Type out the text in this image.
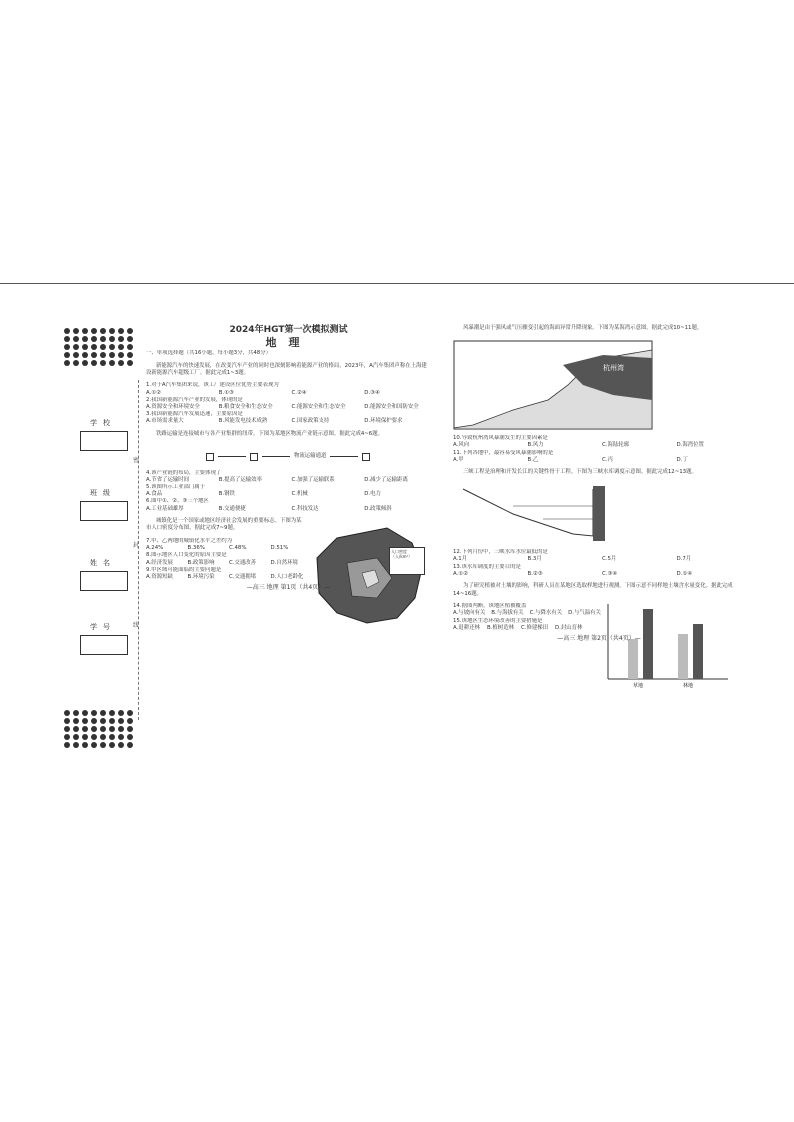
学校
班级
姓名
学号
密
封
线
2024年HGT第一次模拟测试
地理

一、单项选择题（共16小题，每小题3分，共48分）

新能源汽车的快速发展，在改变汽车产业的同时也深刻影响着能源产业的格局，2023年，A汽车集团声称在上海建设新能源汽车超级工厂。据此完成1~3题。

1.对于A汽车集团来说，该工厂建设区位优势主要表现为

A.①②	B.①③	C.②④	D.③④

2.我国新能源汽车产业的发展，体现的是

A.资源安全和环境安全	B.粮食安全和生态安全	C.能源安全和生态安全	D.能源安全和国防安全

3.我国新能源汽车发展迅速，主要原因是

A.市场需求量大	B.风能发电技术成熟	C.国家政策支持	D.环境保护要求

铁路运输是连接城市与各产业集群的纽带。下图为某地区物流产业链示意图。据此完成4~6题。

物流运输通道

4.该产业链的布局，主要体现了

A.节省了运输时间	B.提高了运输效率	C.加强了运输联系	D.减少了运输距离

5.该图所示工业部门属于

A.食品	B.钢铁	C.机械	D.电力

6.图中①、②、③三个地区

A.工业基础雄厚	B.交通便捷	C.科技发达	D.政策倾斜

城镇化是一个国家或地区经济社会发展的重要标志。下图为某市人口密度分布图。据此完成7~9题。

7.甲、乙两地的城镇化水平之差约为

A.24%	B.36%	C.48%	D.51%

8.图示地区人口变化的原因主要是

A.经济发展	B.政策影响	C.交通改善	D.自然环境

9.甲区域可能面临的主要问题是

A.资源短缺	B.环境污染	C.交通拥堵	D.人口老龄化
人口密度（人/km²）
—高三 地理 第1页（共4页）—

风暴潮是由于强风或气压骤变引起的海面异常升降现象。下图为某海湾示意图。据此完成10~11题。

杭州湾

10.导致杭州湾风暴潮发生的主要因素是

A.风向	B.风力	C.海陆轮廓	D.海湾位置

11.下列各地中，最容易受风暴潮影响的是

A.甲	B.乙	C.丙	D.丁

三峡工程是治理和开发长江的关键性骨干工程。下图为三峡水库调度示意图。据此完成12~13题。

12.下列月份中，三峡水库水位最低的是

A.1月	B.3月	C.5月	D.7月

13.该水库调度的主要目的是

A.①②	B.②③	C.③④	D.①④

为了研究植被对土壤的影响，科研人员在某地区选取样地进行观测。下图示意不同样地土壤含水量变化。据此完成14~16题。

14.据图判断，该地区植被覆盖

A.与坡向有关 B.与海拔有关 C.与降水有关 D.与气温有关

15.该地区生态环境改善的主要措施是

A.退耕还林 B.植树造林 C.修建梯田 D.封山育林
草地	林地
—高三 地理 第2页（共4页）—
